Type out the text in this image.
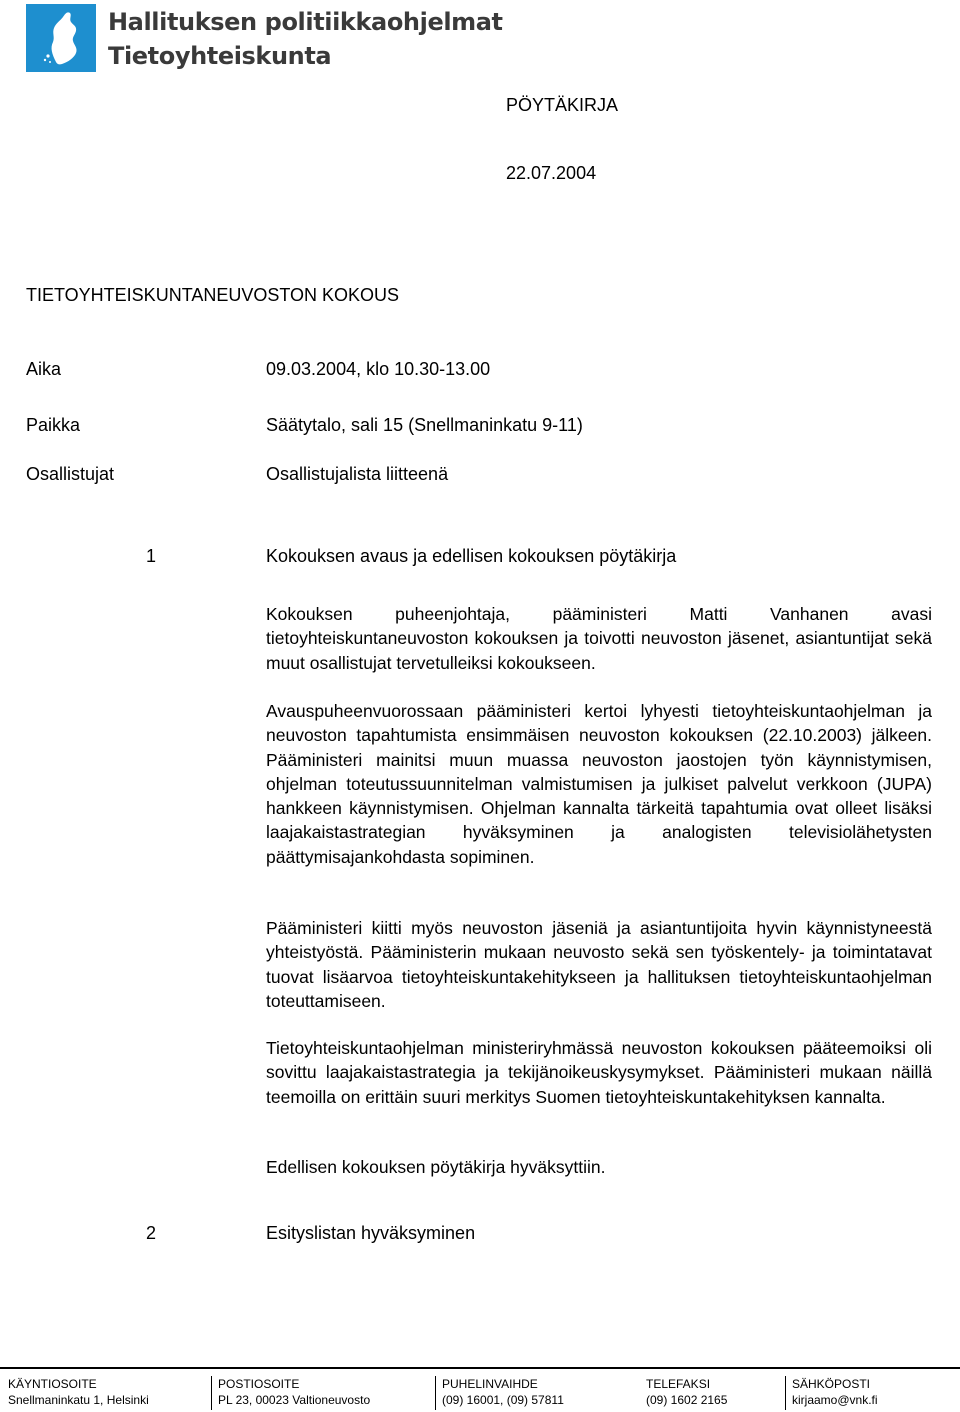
Hallituksen politiikkaohjelmat
Tietoyhteiskunta
PÖYTÄKIRJA
22.07.2004
TIETOYHTEISKUNTANEUVOSTON KOKOUS
Aika	09.03.2004, klo 10.30-13.00
Paikka	Säätytalo, sali 15 (Snellmaninkatu 9-11)
Osallistujat	Osallistujalista liitteenä
1	Kokouksen avaus ja edellisen kokouksen pöytäkirja

Kokouksen puheenjohtaja, pääministeri Matti Vanhanen avasi tietoyhteiskuntaneuvoston kokouksen ja toivotti neuvoston jäsenet, asiantuntijat sekä muut osallistujat tervetulleiksi kokoukseen.

Avauspuheenvuorossaan pääministeri kertoi lyhyesti tietoyhteiskuntaohjelman ja neuvoston tapahtumista ensimmäisen neuvoston kokouksen (22.10.2003) jälkeen. Pääministeri mainitsi muun muassa neuvoston jaostojen työn käynnistymisen, ohjelman toteutussuunnitelman valmistumisen ja julkiset palvelut verkkoon (JUPA) hankkeen käynnistymisen. Ohjelman kannalta tärkeitä tapahtumia ovat olleet lisäksi laajakaistastrategian hyväksyminen ja analogisten televisiolähetysten päättymisajankohdasta sopiminen.

Pääministeri kiitti myös neuvoston jäseniä ja asiantuntijoita hyvin käynnistyneestä yhteistyöstä. Pääministerin mukaan neuvosto sekä sen työskentely- ja toimintatavat tuovat lisäarvoa tietoyhteiskuntakehitykseen ja hallituksen tietoyhteiskuntaohjelman toteuttamiseen.

Tietoyhteiskuntaohjelman ministeriryhmässä neuvoston kokouksen pääteemoiksi oli sovittu laajakaistastrategia ja tekijänoikeuskysymykset. Pääministeri mukaan näillä teemoilla on erittäin suuri merkitys Suomen tietoyhteiskuntakehityksen kannalta.

Edellisen kokouksen pöytäkirja hyväksyttiin.

2	Esityslistan hyväksyminen
KÄYNTIOSOITE
Snellmaninkatu 1, Helsinki
POSTIOSOITE
PL 23, 00023 Valtioneuvosto
PUHELINVAIHDE
(09) 16001, (09) 57811
TELEFAKSI
(09) 1602 2165
SÄHKÖPOSTI
kirjaamo@vnk.fi
